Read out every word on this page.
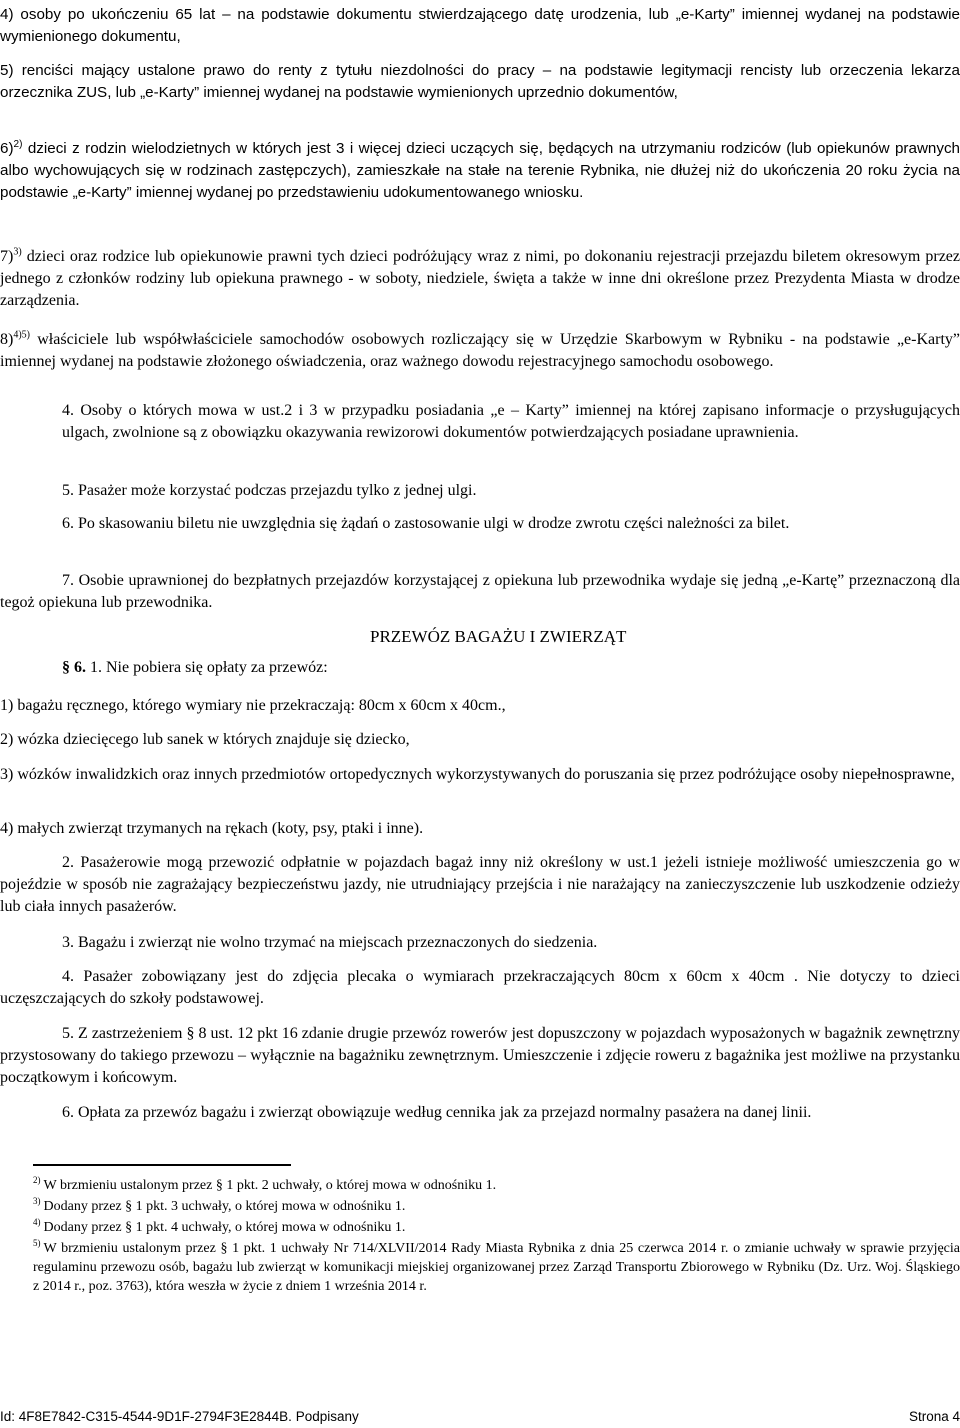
4) osoby po ukończeniu 65 lat – na podstawie dokumentu stwierdzającego datę urodzenia, lub „e-Karty” imiennej wydanej na podstawie wymienionego dokumentu,

5) renciści mający ustalone prawo do renty z tytułu niezdolności do pracy – na podstawie legitymacji rencisty lub orzeczenia lekarza orzecznika ZUS, lub „e-Karty” imiennej wydanej na podstawie wymienionych uprzednio dokumentów,

6)$^{2)}$ dzieci z rodzin wielodzietnych w których jest 3 i więcej dzieci uczących się, będących na utrzymaniu rodziców (lub opiekunów prawnych albo wychowujących się w rodzinach zastępczych), zamieszkałe na stałe na terenie Rybnika, nie dłużej niż do ukończenia 20 roku życia na podstawie „e-Karty” imiennej wydanej po przedstawieniu udokumentowanego wniosku.

7)$^{3)}$ dzieci oraz rodzice lub opiekunowie prawni tych dzieci podróżujący wraz z nimi, po dokonaniu rejestracji przejazdu biletem okresowym przez jednego z członków rodziny lub opiekuna prawnego - w soboty, niedziele, święta a także w inne dni określone przez Prezydenta Miasta w drodze zarządzenia.

8)$^{4)5)}$ właściciele lub współwłaściciele samochodów osobowych rozliczający się w Urzędzie Skarbowym w Rybniku - na podstawie „e-Karty” imiennej wydanej na podstawie złożonego oświadczenia, oraz ważnego dowodu rejestracyjnego samochodu osobowego.

4. Osoby o których mowa w ust.2 i 3 w przypadku posiadania „e – Karty” imiennej na której zapisano informacje o przysługujących ulgach, zwolnione są z obowiązku okazywania rewizorowi dokumentów potwierdzających posiadane uprawnienia.

5. Pasażer może korzystać podczas przejazdu tylko z jednej ulgi.

6. Po skasowaniu biletu nie uwzględnia się żądań o zastosowanie ulgi w drodze zwrotu części należności za bilet.

7. Osobie uprawnionej do bezpłatnych przejazdów korzystającej z opiekuna lub przewodnika wydaje się jedną „e-Kartę” przeznaczoną dla tegoż opiekuna lub przewodnika.

PRZEWÓZ BAGAŻU I ZWIERZĄT

§ 6. 1. Nie pobiera się opłaty za przewóz:

1) bagażu ręcznego, którego wymiary nie przekraczają: 80cm x 60cm x 40cm.,

2) wózka dziecięcego lub sanek w których znajduje się dziecko,

3) wózków inwalidzkich oraz innych przedmiotów ortopedycznych wykorzystywanych do poruszania się przez podróżujące osoby niepełnosprawne,

4) małych zwierząt trzymanych na rękach (koty, psy, ptaki i inne).

2. Pasażerowie mogą przewozić odpłatnie w pojazdach bagaż inny niż określony w ust.1 jeżeli istnieje możliwość umieszczenia go w pojeździe w sposób nie zagrażający bezpieczeństwu jazdy, nie utrudniający przejścia i nie narażający na zanieczyszczenie lub uszkodzenie odzieży lub ciała innych pasażerów.

3. Bagażu i zwierząt nie wolno trzymać na miejscach przeznaczonych do siedzenia.

4. Pasażer zobowiązany jest do zdjęcia plecaka o wymiarach przekraczających 80cm x 60cm x 40cm . Nie dotyczy to dzieci uczęszczających do szkoły podstawowej.

5. Z zastrzeżeniem § 8 ust. 12 pkt 16 zdanie drugie przewóz rowerów jest dopuszczony w pojazdach wyposażonych w bagażnik zewnętrzny przystosowany do takiego przewozu – wyłącznie na bagażniku zewnętrznym. Umieszczenie i zdjęcie roweru z bagażnika jest możliwe na przystanku początkowym i końcowym.

6. Opłata za przewóz bagażu i zwierząt obowiązuje według cennika jak za przejazd normalny pasażera na danej linii.

$^{2)}$ W brzmieniu ustalonym przez § 1 pkt. 2 uchwały, o której mowa w odnośniku 1.
$^{3)}$ Dodany przez § 1 pkt. 3 uchwały, o której mowa w odnośniku 1.
$^{4)}$ Dodany przez § 1 pkt. 4 uchwały, o której mowa w odnośniku 1.
$^{5)}$ W brzmieniu ustalonym przez § 1 pkt. 1 uchwały Nr 714/XLVII/2014 Rady Miasta Rybnika z dnia 25 czerwca 2014 r. o zmianie uchwały w sprawie przyjęcia regulaminu przewozu osób, bagażu lub zwierząt w komunikacji miejskiej organizowanej przez Zarząd Transportu Zbiorowego w Rybniku (Dz. Urz. Woj. Śląskiego z 2014 r., poz. 3763), która weszła w życie z dniem 1 września 2014 r.
Id: 4F8E7842-C315-4544-9D1F-2794F3E2844B. Podpisany	Strona 4
